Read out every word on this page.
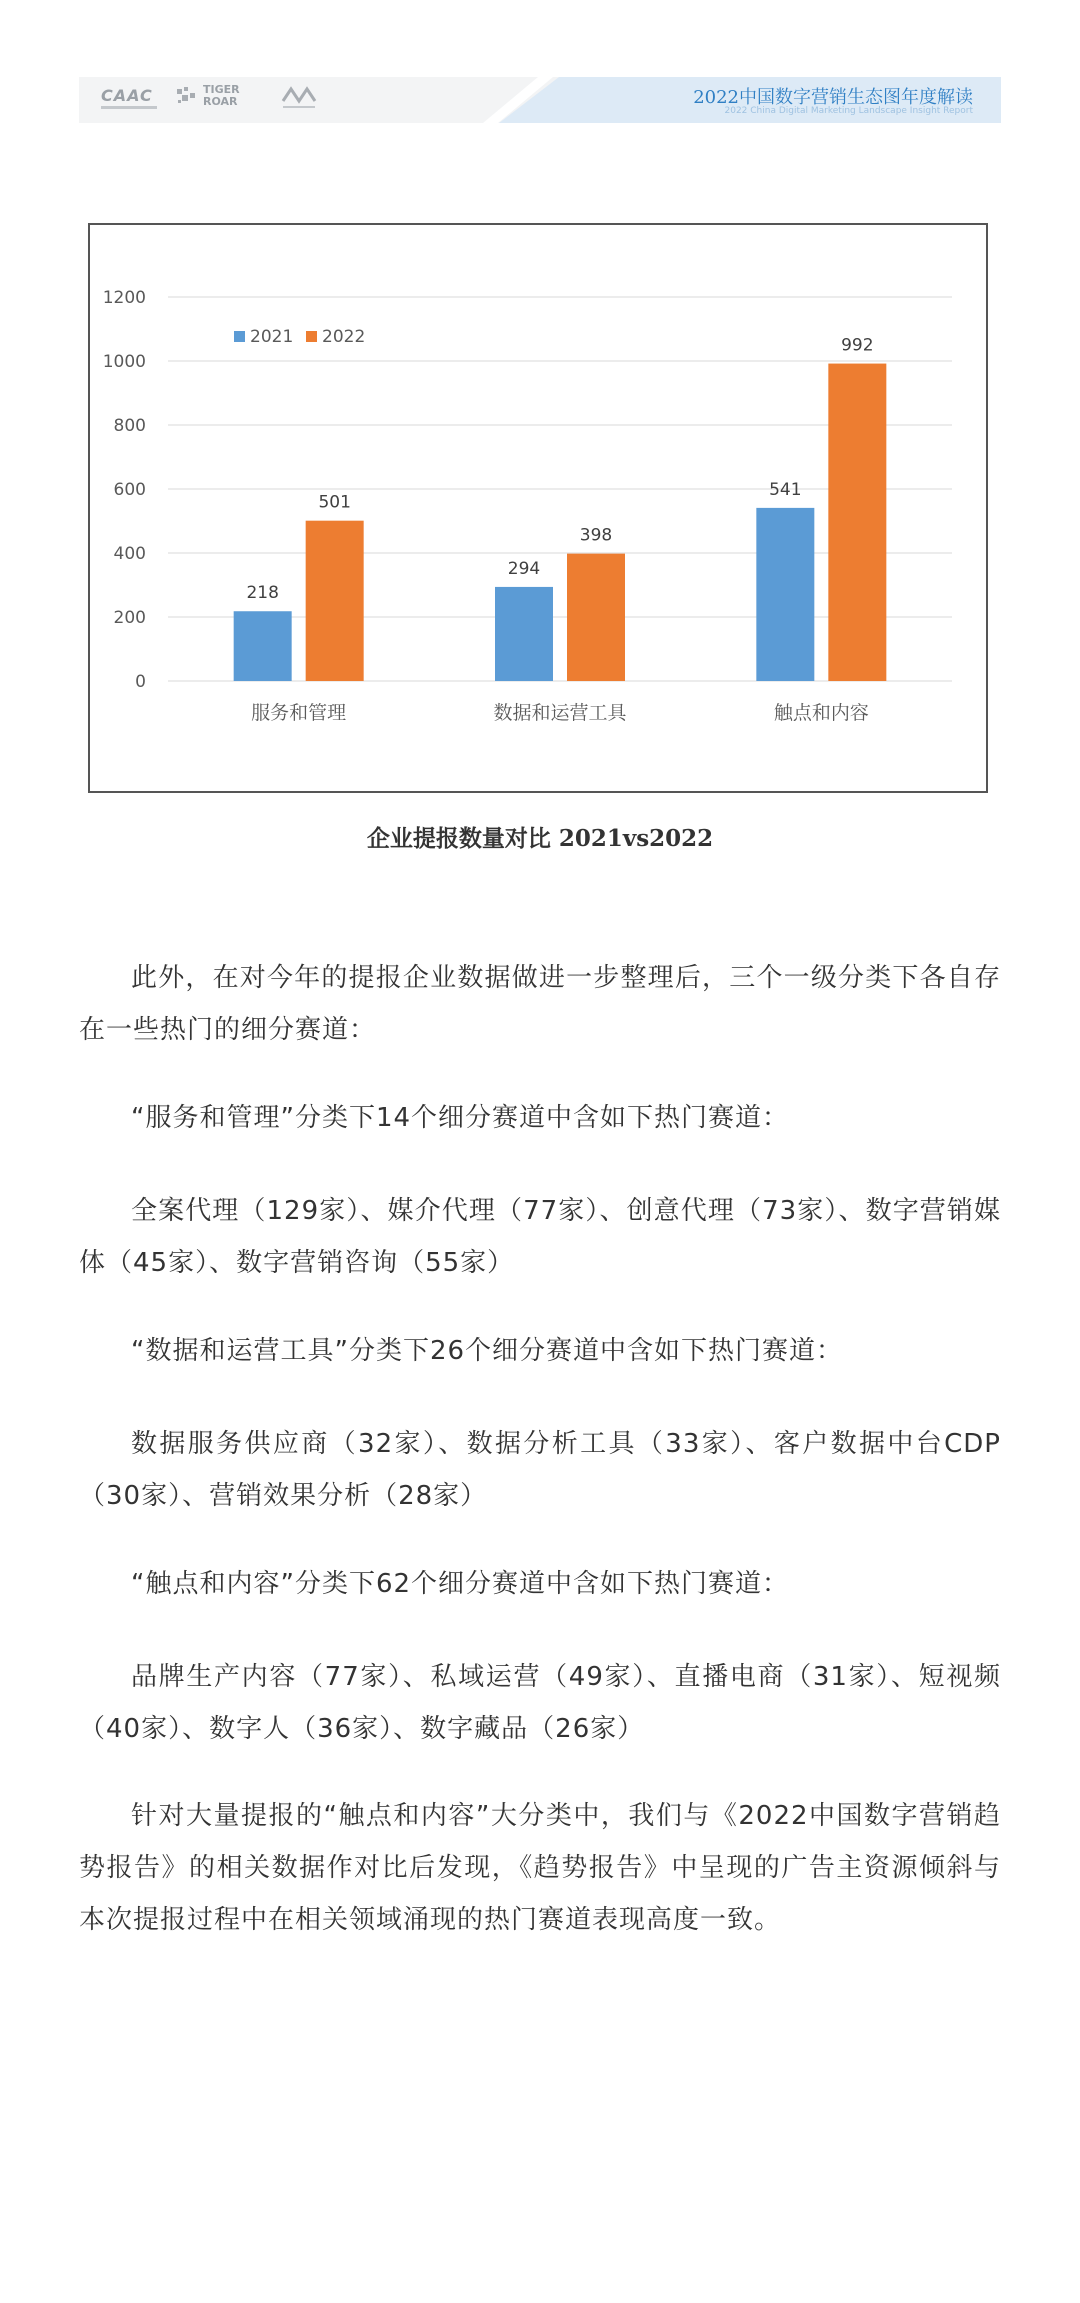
CAAC	TIGER
ROAR	2022中国数字营销生态图年度解读
2022 China Digital Marketing Landscape Insight Report
0
200
400
600
800
1000
1200
218
501
服务和管理
294
398
数据和运营工具
541
992
触点和内容
2021 2022
企业提报数量对比 2021vs2022

此外，在对今年的提报企业数据做进一步整理后，三个一级分类下各自存在一些热门的细分赛道：

“服务和管理”分类下14个细分赛道中含如下热门赛道：

全案代理（129家）、媒介代理（77家）、创意代理（73家）、数字营销媒体（45家）、数字营销咨询（55家）

“数据和运营工具”分类下26个细分赛道中含如下热门赛道：

数据服务供应商（32家）、数据分析工具（33家）、客户数据中台CDP（30家）、营销效果分析（28家）

“触点和内容”分类下62个细分赛道中含如下热门赛道：

品牌生产内容（77家）、私域运营（49家）、直播电商（31家）、短视频（40家）、数字人（36家）、数字藏品（26家）

针对大量提报的“触点和内容”大分类中，我们与《2022中国数字营销趋势报告》的相关数据作对比后发现，《趋势报告》中呈现的广告主资源倾斜与本次提报过程中在相关领域涌现的热门赛道表现高度一致。
